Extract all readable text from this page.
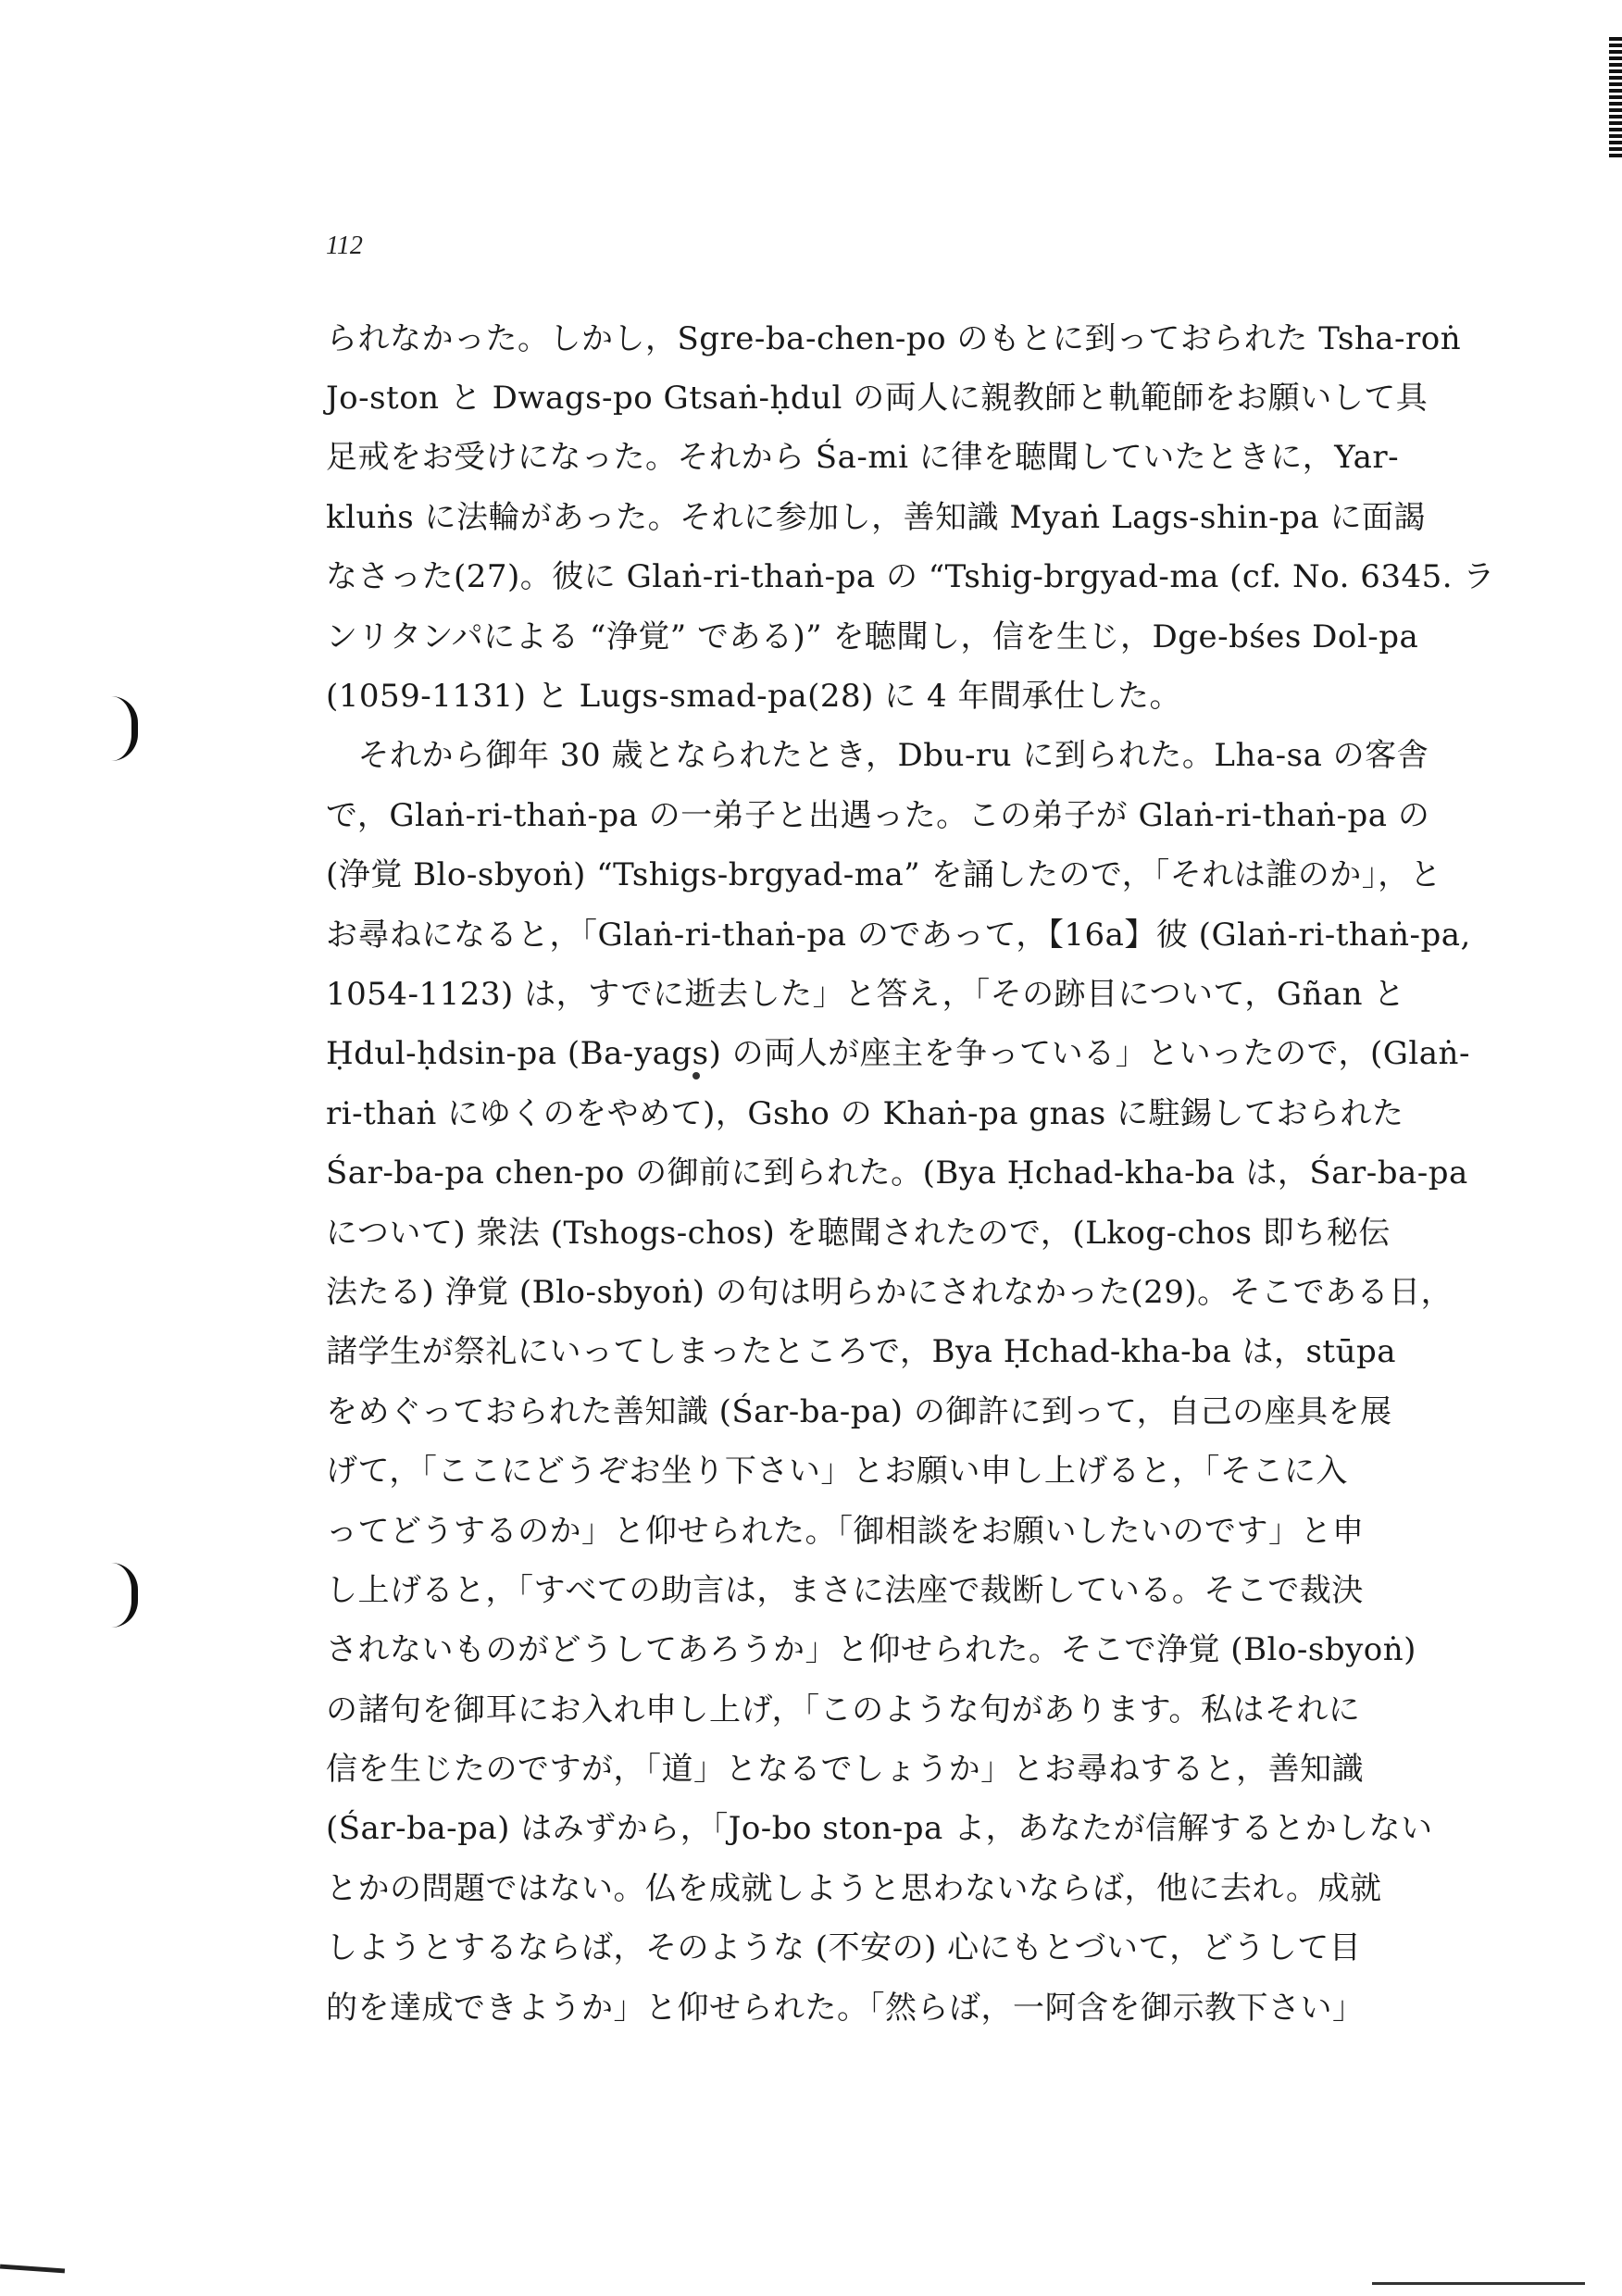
112
られなかった。しかし，Sgre-ba-chen-po のもとに到っておられた Tsha-roṅ
Jo-ston と Dwags-po Gtsaṅ-ḥdul の両人に親教師と軌範師をお願いして具
足戒をお受けになった。それから Śa-mi に律を聴聞していたときに，Yar-
kluṅs に法輪があった。それに参加し，善知識 Myaṅ Lags-shin-pa に面謁
なさった(27)。彼に Glaṅ-ri-thaṅ-pa の “Tshig-brgyad-ma (cf. No. 6345. ラ
ンリタンパによる “浄覚” である)” を聴聞し，信を生じ，Dge-bśes Dol-pa
(1059-1131) と Lugs-smad-pa(28) に 4 年間承仕した。
　それから御年 30 歳となられたとき，Dbu-ru に到られた。Lha-sa の客舎
で，Glaṅ-ri-thaṅ-pa の一弟子と出遇った。この弟子が Glaṅ-ri-thaṅ-pa の
(浄覚 Blo-sbyoṅ) “Tshigs-brgyad-ma” を誦したので，「それは誰のか」，と
お尋ねになると，「Glaṅ-ri-thaṅ-pa のであって，【16a】彼 (Glaṅ-ri-thaṅ-pa,
1054-1123) は，すでに逝去した」と答え，「その跡目について，Gñan と
Ḥdul-ḥdsin-pa (Ba-yags) の両人が座主を争っている」といったので，(Glaṅ-
ri-thaṅ にゆくのをやめて)，Gsho の Khaṅ-pa gnas に駐錫しておられた
Śar-ba-pa chen-po の御前に到られた。(Bya Ḥchad-kha-ba は，Śar-ba-pa
について) 衆法 (Tshogs-chos) を聴聞されたので，(Lkog-chos 即ち秘伝
法たる) 浄覚 (Blo-sbyoṅ) の句は明らかにされなかった(29)。そこである日，
諸学生が祭礼にいってしまったところで，Bya Ḥchad-kha-ba は，stūpa
をめぐっておられた善知識 (Śar-ba-pa) の御許に到って，自己の座具を展
げて，「ここにどうぞお坐り下さい」とお願い申し上げると，「そこに入
ってどうするのか」と仰せられた。「御相談をお願いしたいのです」と申
し上げると，「すべての助言は，まさに法座で裁断している。そこで裁決
されないものがどうしてあろうか」と仰せられた。そこで浄覚 (Blo-sbyoṅ)
の諸句を御耳にお入れ申し上げ，「このような句があります。私はそれに
信を生じたのですが，「道」となるでしょうか」とお尋ねすると，善知識
(Śar-ba-pa) はみずから，「Jo-bo ston-pa よ，あなたが信解するとかしない
とかの問題ではない。仏を成就しようと思わないならば，他に去れ。成就
しようとするならば，そのような (不安の) 心にもとづいて，どうして目
的を達成できようか」と仰せられた。「然らば，一阿含を御示教下さい」
